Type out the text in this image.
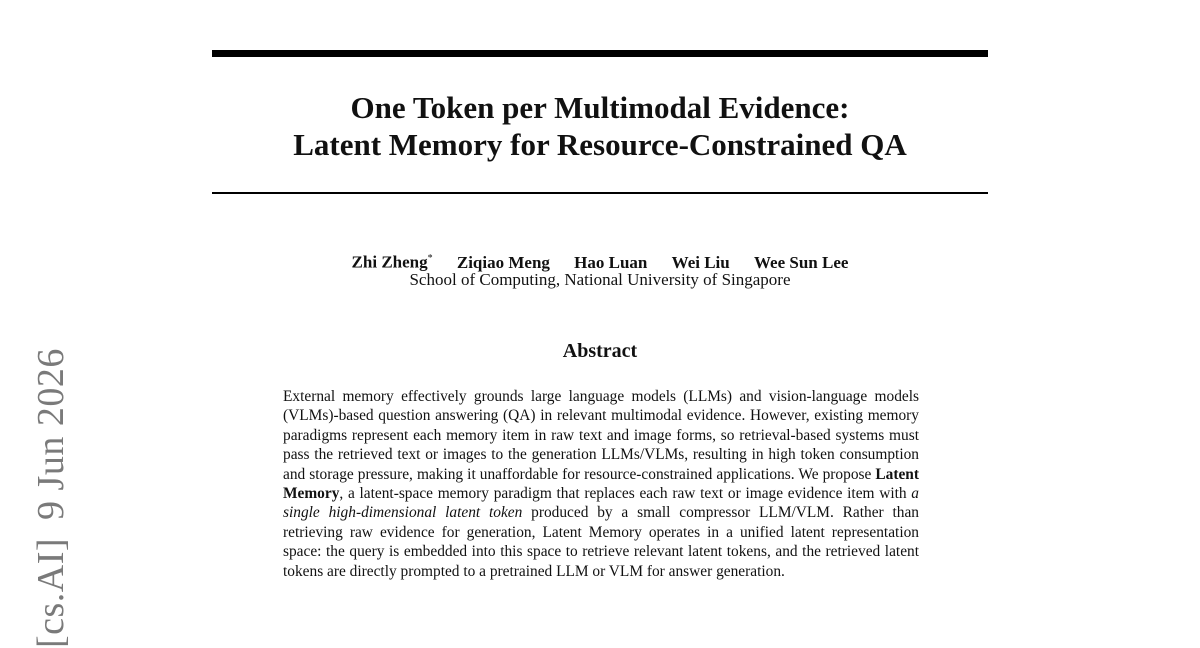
One Token per Multimodal Evidence:
Latent Memory for Resource-Constrained QA
Zhi Zheng* Ziqiao Meng Hao Luan Wei Liu Wee Sun Lee
School of Computing, National University of Singapore
Abstract

External memory effectively grounds large language models (LLMs) and vision-language models (VLMs)-based question answering (QA) in relevant multimodal evidence. However, existing memory paradigms represent each memory item in raw text and image forms, so retrieval-based systems must pass the retrieved text or images to the generation LLMs/VLMs, resulting in high token consumption and storage pressure, making it unaffordable for resource-constrained applications. We propose Latent Memory, a latent-space memory paradigm that replaces each raw text or image evidence item with a single high-dimensional latent token produced by a small compressor LLM/VLM. Rather than retrieving raw evidence for generation, Latent Memory operates in a unified latent representation space: the query is embedded into this space to retrieve relevant latent tokens, and the retrieved latent tokens are directly prompted to a pretrained LLM or VLM for answer generation.

[cs.AI]9 Jun 2026
